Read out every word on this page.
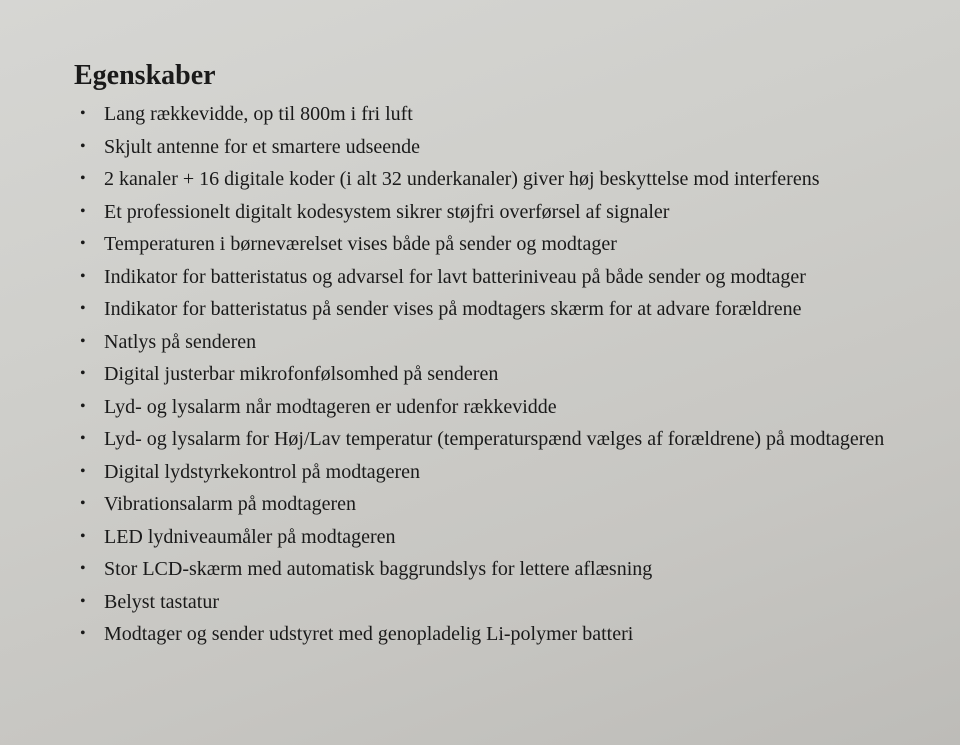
Egenskaber
• Lang rækkevidde, op til 800m i fri luft
• Skjult antenne for et smartere udseende
• 2 kanaler + 16 digitale koder (i alt 32 underkanaler) giver høj beskyttelse mod interferens
• Et professionelt digitalt kodesystem sikrer støjfri overførsel af signaler
• Temperaturen i børneværelset vises både på sender og modtager
• Indikator for batteristatus og advarsel for lavt batteriniveau på både sender og modtager
• Indikator for batteristatus på sender vises på modtagers skærm for at advare forældrene
• Natlys på senderen
• Digital justerbar mikrofonfølsomhed på senderen
• Lyd- og lysalarm når modtageren er udenfor rækkevidde
• Lyd- og lysalarm for Høj/Lav temperatur (temperaturspænd vælges af forældrene) på modtageren
• Digital lydstyrkekontrol på modtageren
• Vibrationsalarm på modtageren
• LED lydniveaumåler på modtageren
• Stor LCD-skærm med automatisk baggrundslys for lettere aflæsning
• Belyst tastatur
• Modtager og sender udstyret med genopladelig Li-polymer batteri
